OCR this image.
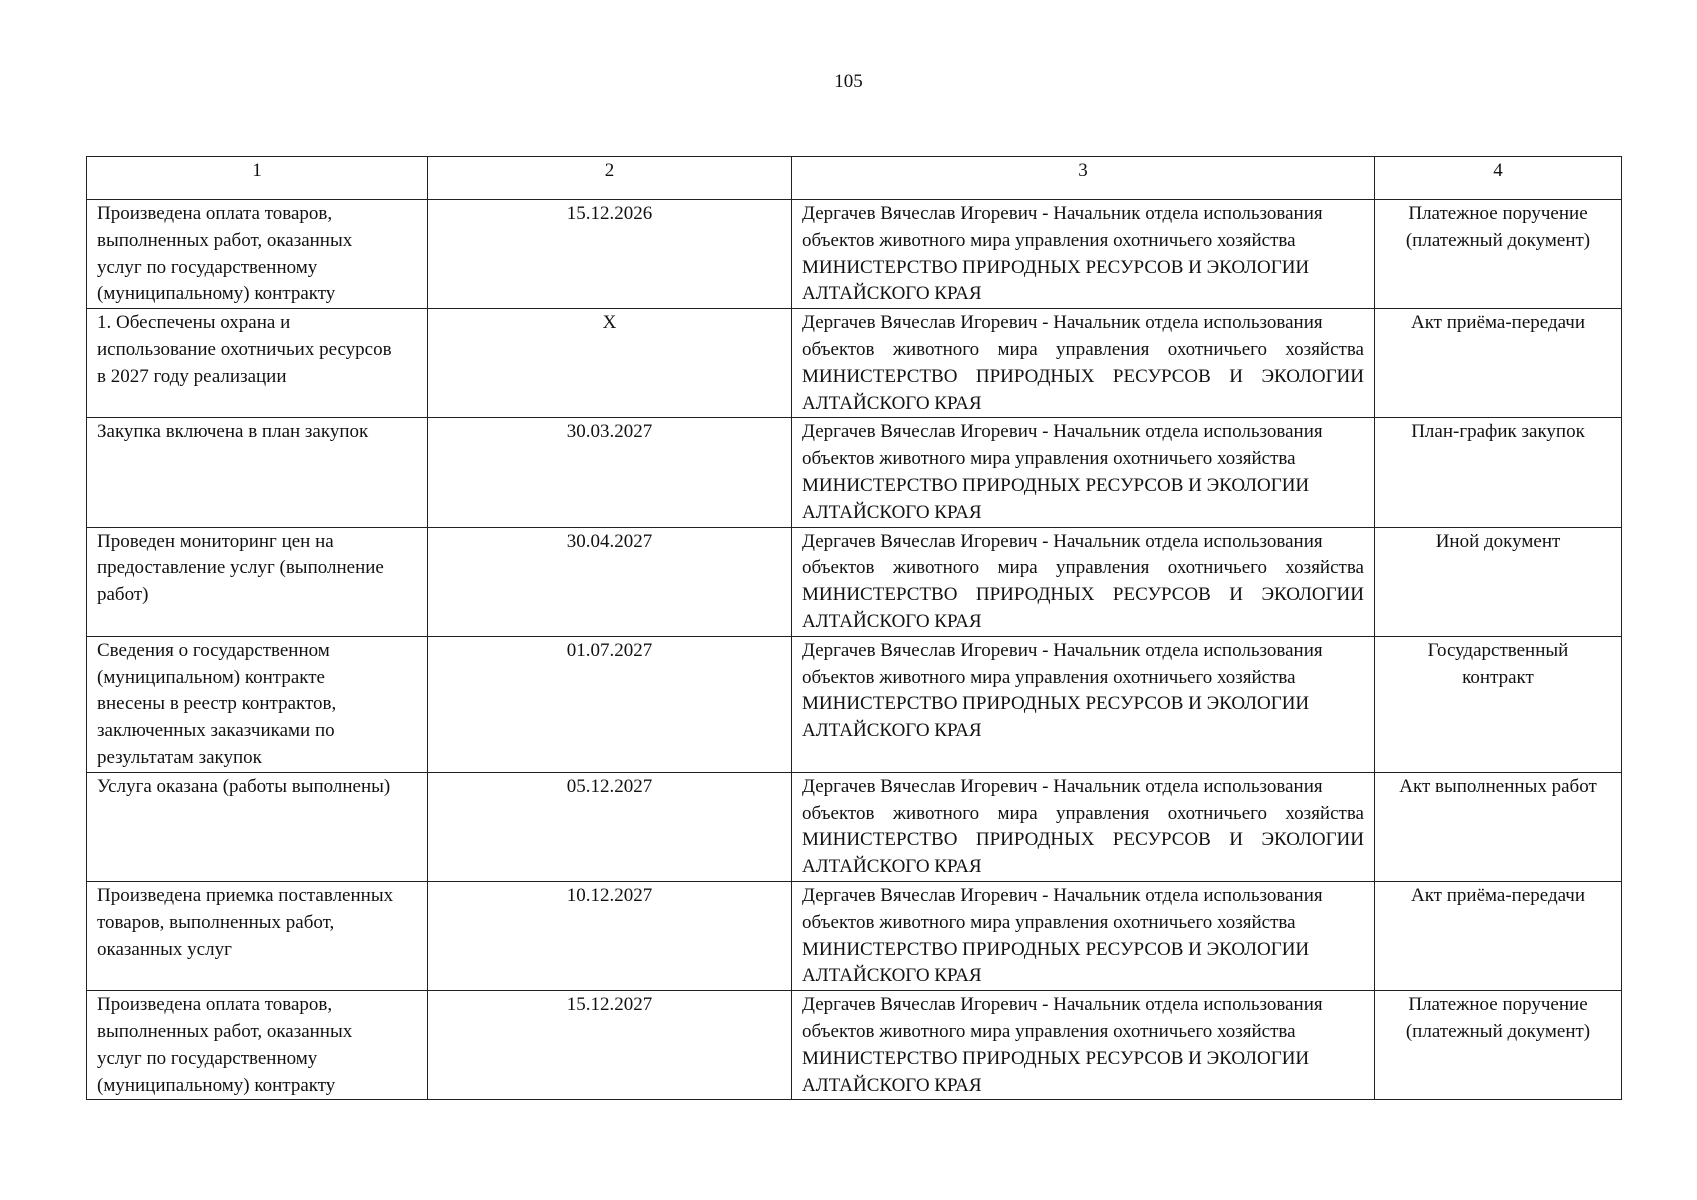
105
1	2	3	4

Произведена оплата товаров,
выполненных работ, оказанных
услуг по государственному
(муниципальному) контракту	15.12.2026	Дергачев Вячеслав Игоревич - Начальник отдела использования
объектов животного мира управления охотничьего хозяйства
МИНИСТЕРСТВО ПРИРОДНЫХ РЕСУРСОВ И ЭКОЛОГИИ
АЛТАЙСКОГО КРАЯ	Платежное поручение
(платежный документ)

1. Обеспечены охрана и
использование охотничьих ресурсов
в 2027 году реализации	X	Дергачев Вячеслав Игоревич - Начальник отдела использования
объектов животного мира управления охотничьего хозяйства
МИНИСТЕРСТВО ПРИРОДНЫХ РЕСУРСОВ И ЭКОЛОГИИ
АЛТАЙСКОГО КРАЯ	Акт приёма-передачи

Закупка включена в план закупок	30.03.2027	Дергачев Вячеслав Игоревич - Начальник отдела использования
объектов животного мира управления охотничьего хозяйства
МИНИСТЕРСТВО ПРИРОДНЫХ РЕСУРСОВ И ЭКОЛОГИИ
АЛТАЙСКОГО КРАЯ	План-график закупок

Проведен мониторинг цен на
предоставление услуг (выполнение
работ)	30.04.2027	Дергачев Вячеслав Игоревич - Начальник отдела использования
объектов животного мира управления охотничьего хозяйства
МИНИСТЕРСТВО ПРИРОДНЫХ РЕСУРСОВ И ЭКОЛОГИИ
АЛТАЙСКОГО КРАЯ	Иной документ

Сведения о государственном
(муниципальном) контракте
внесены в реестр контрактов,
заключенных заказчиками по
результатам закупок	01.07.2027	Дергачев Вячеслав Игоревич - Начальник отдела использования
объектов животного мира управления охотничьего хозяйства
МИНИСТЕРСТВО ПРИРОДНЫХ РЕСУРСОВ И ЭКОЛОГИИ
АЛТАЙСКОГО КРАЯ	Государственный
контракт

Услуга оказана (работы выполнены)	05.12.2027	Дергачев Вячеслав Игоревич - Начальник отдела использования
объектов животного мира управления охотничьего хозяйства
МИНИСТЕРСТВО ПРИРОДНЫХ РЕСУРСОВ И ЭКОЛОГИИ
АЛТАЙСКОГО КРАЯ	Акт выполненных работ

Произведена приемка поставленных
товаров, выполненных работ,
оказанных услуг	10.12.2027	Дергачев Вячеслав Игоревич - Начальник отдела использования
объектов животного мира управления охотничьего хозяйства
МИНИСТЕРСТВО ПРИРОДНЫХ РЕСУРСОВ И ЭКОЛОГИИ
АЛТАЙСКОГО КРАЯ	Акт приёма-передачи

Произведена оплата товаров,
выполненных работ, оказанных
услуг по государственному
(муниципальному) контракту	15.12.2027	Дергачев Вячеслав Игоревич - Начальник отдела использования
объектов животного мира управления охотничьего хозяйства
МИНИСТЕРСТВО ПРИРОДНЫХ РЕСУРСОВ И ЭКОЛОГИИ
АЛТАЙСКОГО КРАЯ	Платежное поручение
(платежный документ)
